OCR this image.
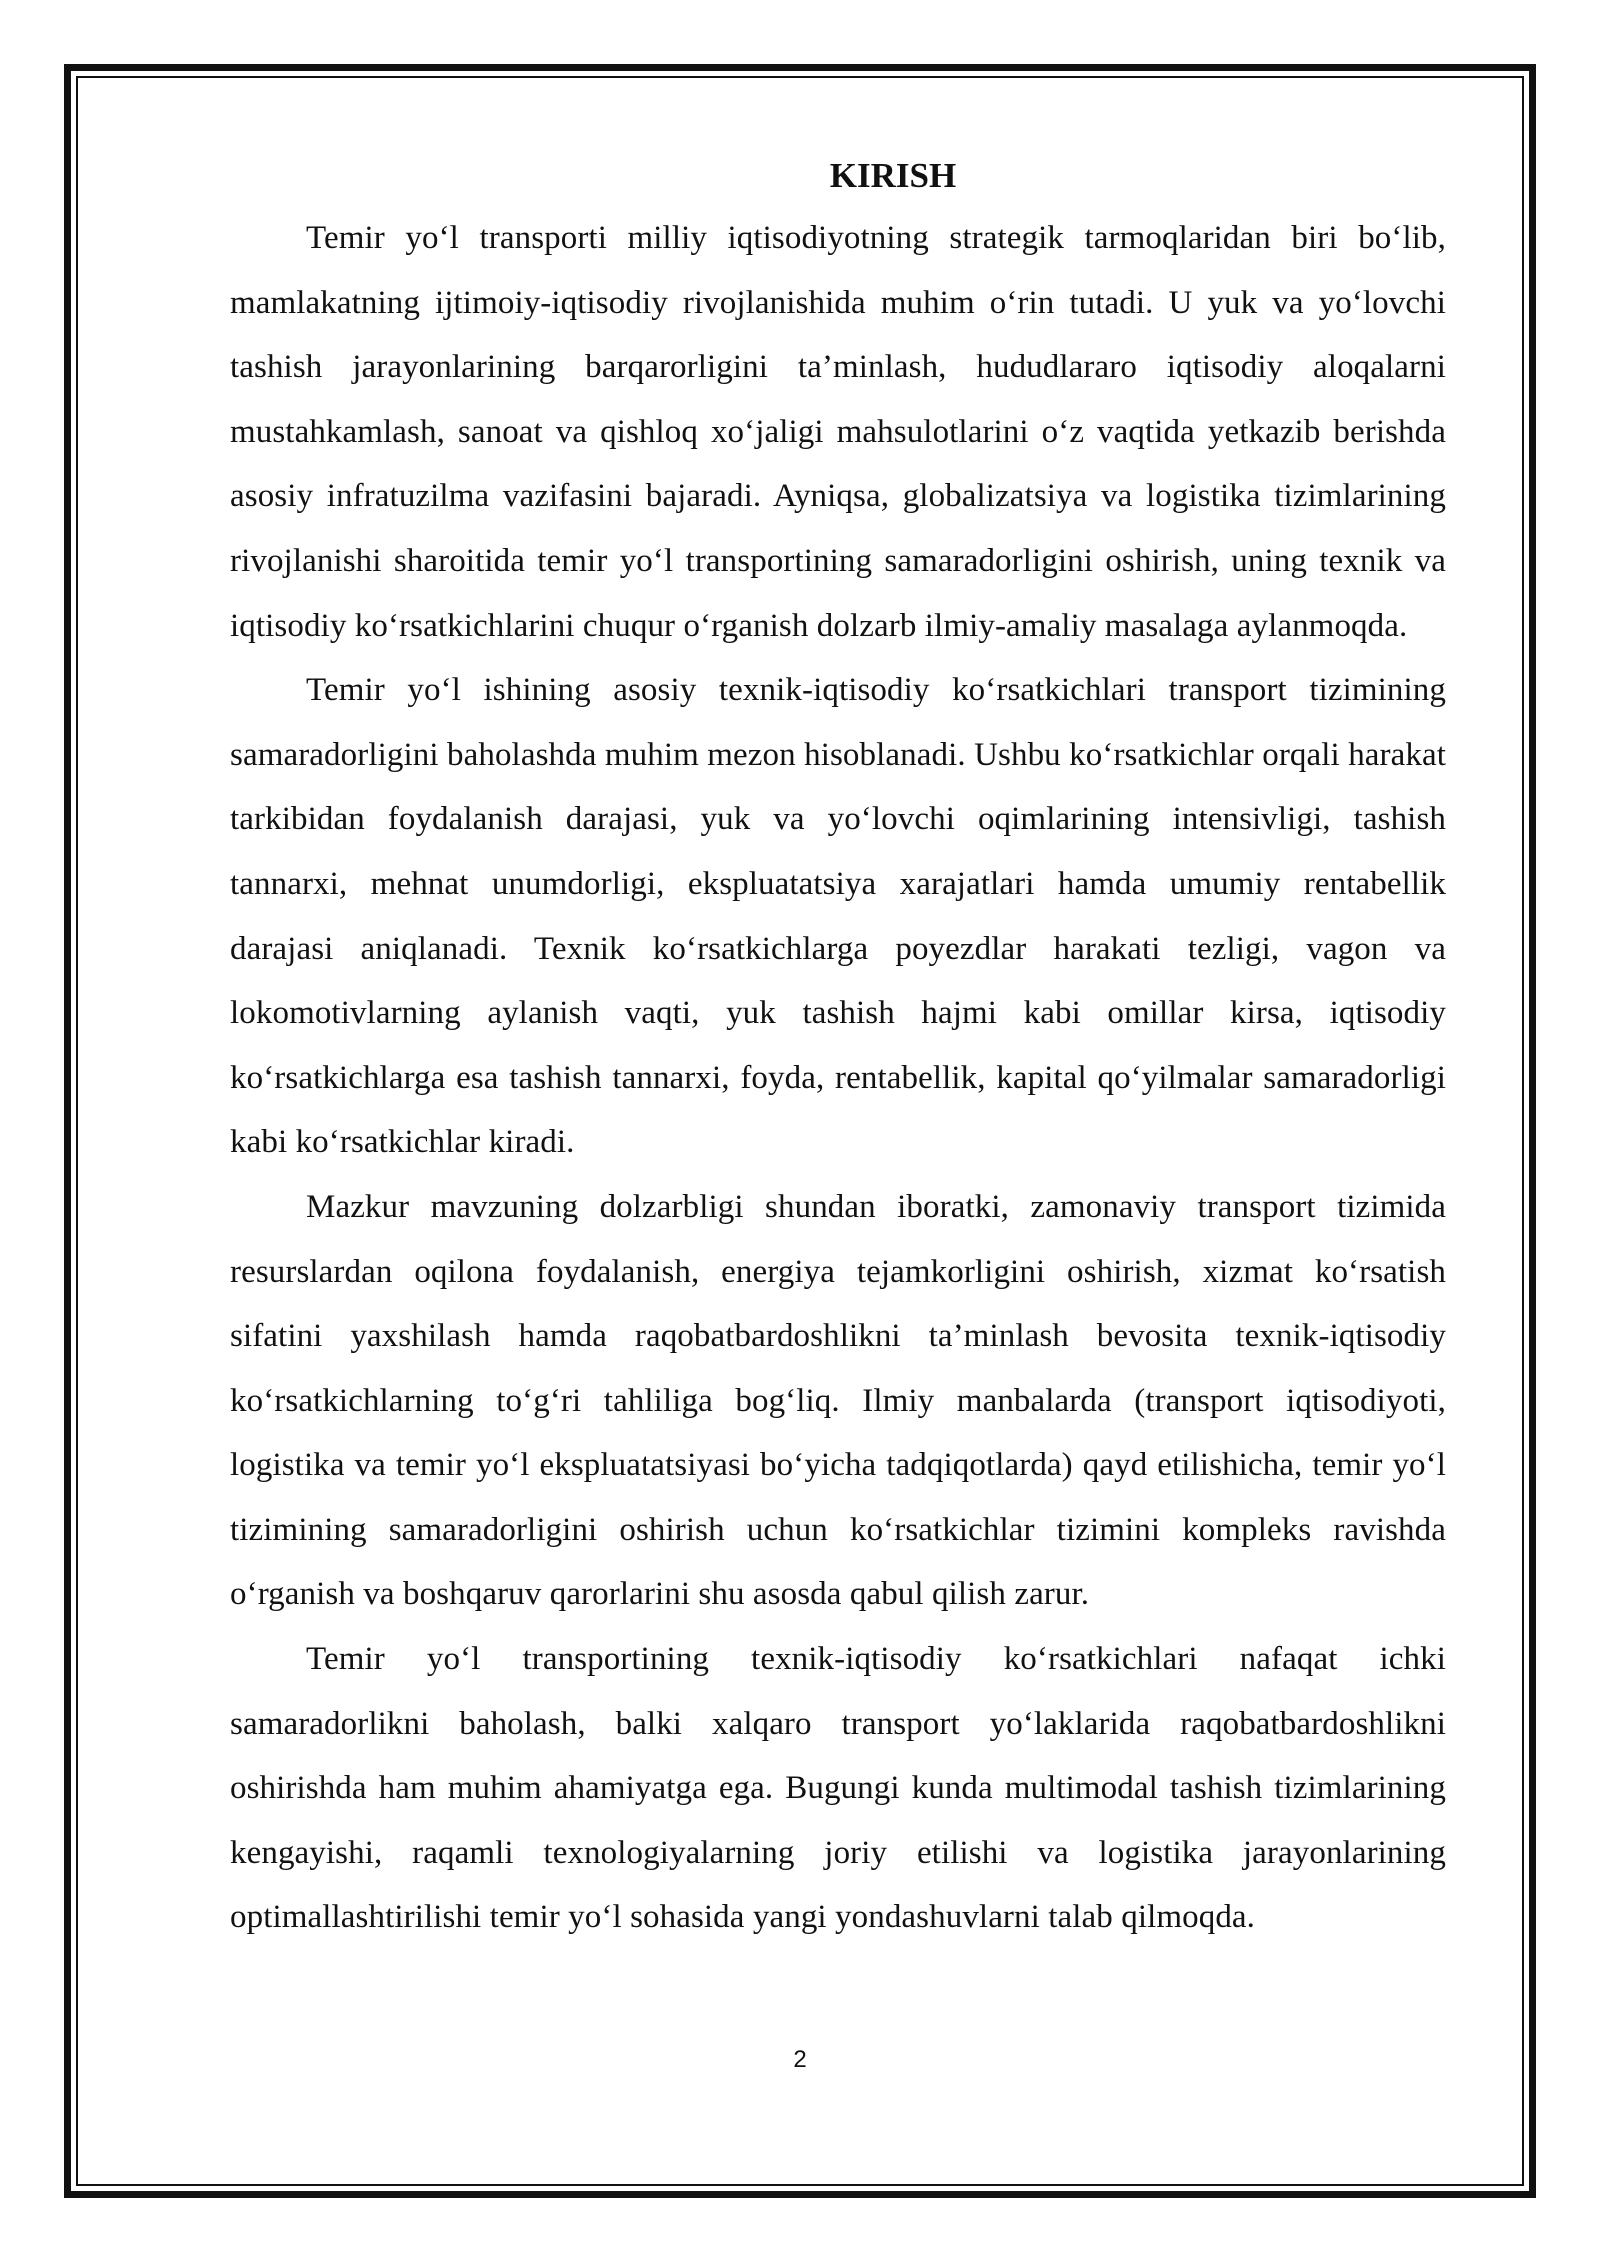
KIRISH

Temir yo‘l transporti milliy iqtisodiyotning strategik tarmoqlaridan biri bo‘lib, mamlakatning ijtimoiy-iqtisodiy rivojlanishida muhim o‘rin tutadi. U yuk va yo‘lovchi tashish jarayonlarining barqarorligini ta’minlash, hududlararo iqtisodiy aloqalarni mustahkamlash, sanoat va qishloq xo‘jaligi mahsulotlarini o‘z vaqtida yetkazib berishda asosiy infratuzilma vazifasini bajaradi. Ayniqsa, globalizatsiya va logistika tizimlarining rivojlanishi sharoitida temir yo‘l transportining samaradorligini oshirish, uning texnik va iqtisodiy ko‘rsatkichlarini chuqur o‘rganish dolzarb ilmiy-amaliy masalaga aylanmoqda.

Temir yo‘l ishining asosiy texnik-iqtisodiy ko‘rsatkichlari transport tizimining samaradorligini baholashda muhim mezon hisoblanadi. Ushbu ko‘rsatkichlar orqali harakat tarkibidan foydalanish darajasi, yuk va yo‘lovchi oqimlarining intensivligi, tashish tannarxi, mehnat unumdorligi, ekspluatatsiya xarajatlari hamda umumiy rentabellik darajasi aniqlanadi. Texnik ko‘rsatkichlarga poyezdlar harakati tezligi, vagon va lokomotivlarning aylanish vaqti, yuk tashish hajmi kabi omillar kirsa, iqtisodiy ko‘rsatkichlarga esa tashish tannarxi, foyda, rentabellik, kapital qo‘yilmalar samaradorligi kabi ko‘rsatkichlar kiradi.

Mazkur mavzuning dolzarbligi shundan iboratki, zamonaviy transport tizimida resurslardan oqilona foydalanish, energiya tejamkorligini oshirish, xizmat ko‘rsatish sifatini yaxshilash hamda raqobatbardoshlikni ta’minlash bevosita texnik-iqtisodiy ko‘rsatkichlarning to‘g‘ri tahliliga bog‘liq. Ilmiy manbalarda (transport iqtisodiyoti, logistika va temir yo‘l ekspluatatsiyasi bo‘yicha tadqiqotlarda) qayd etilishicha, temir yo‘l tizimining samaradorligini oshirish uchun ko‘rsatkichlar tizimini kompleks ravishda o‘rganish va boshqaruv qarorlarini shu asosda qabul qilish zarur.

Temir yo‘l transportining texnik-iqtisodiy ko‘rsatkichlari nafaqat ichki samaradorlikni baholash, balki xalqaro transport yo‘laklarida raqobatbardoshlikni oshirishda ham muhim ahamiyatga ega. Bugungi kunda multimodal tashish tizimlarining kengayishi, raqamli texnologiyalarning joriy etilishi va logistika jarayonlarining optimallashtirilishi temir yo‘l sohasida yangi yondashuvlarni talab qilmoqda.

2
